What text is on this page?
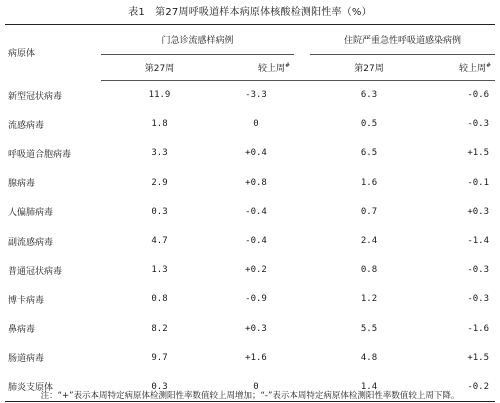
表1　第27周呼吸道样本病原体核酸检测阳性率（%）
病原体	门急诊流感样病例			住院严重急性呼吸道感染病例	
	第27周	较上周#		第27周	较上周#
新型冠状病毒	11.9	-3.3		6.3	-0.6
流感病毒	1.8	0		0.5	-0.3
呼吸道合胞病毒	3.3	+0.4		6.5	+1.5
腺病毒	2.9	+0.8		1.6	-0.1
人偏肺病毒	0.3	-0.4		0.7	+0.3
副流感病毒	4.7	-0.4		2.4	-1.4
普通冠状病毒	1.3	+0.2		0.8	-0.3
博卡病毒	0.8	-0.9		1.2	-0.3
鼻病毒	8.2	+0.3		5.5	-1.6
肠道病毒	9.7	+1.6		4.8	+1.5
肺炎支原体	0.3	0		1.4	-0.2
注：“+”表示本周特定病原体检测阳性率数值较上周增加；“-”表示本周特定病原体检测阳性率数值较上周下降。
